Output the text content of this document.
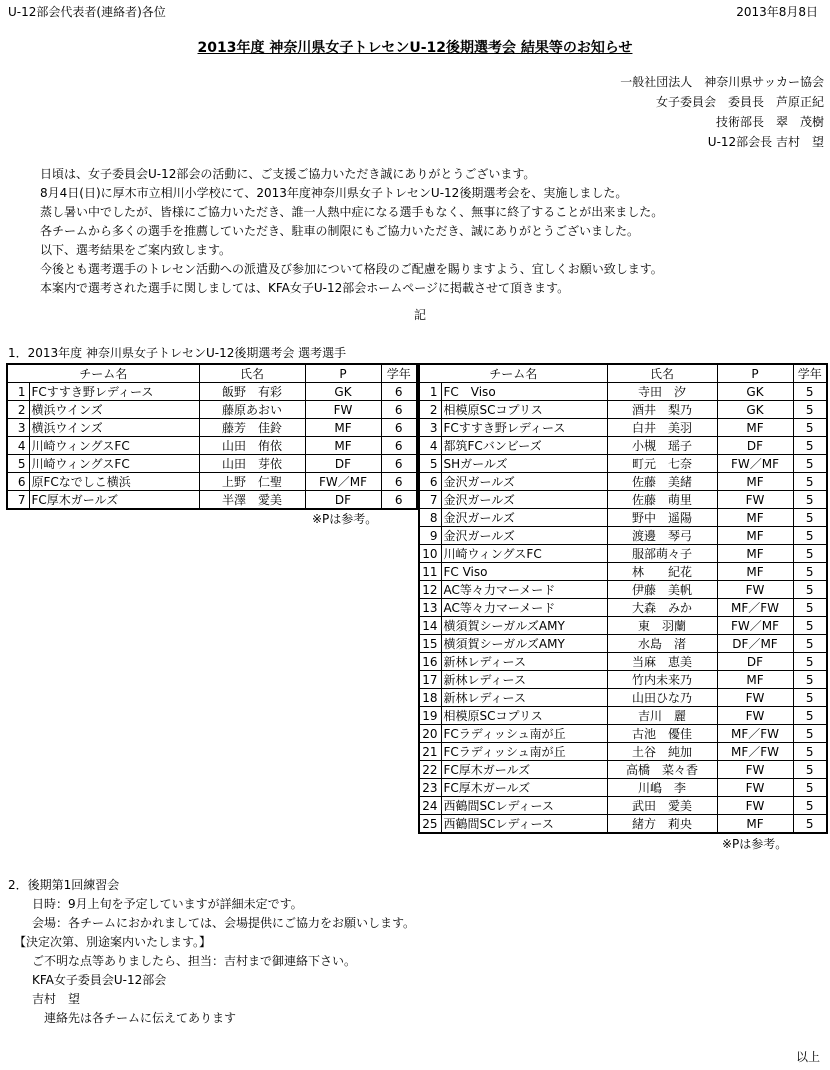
U-12部会代表者(連絡者)各位	2013年8月8日
2013年度 神奈川県女子トレセンU-12後期選考会 結果等のお知らせ
一般社団法人　神奈川県サッカー協会
女子委員会　委員長　芦原正紀
技術部長　翠　茂樹
U-12部会長 吉村　望
日頃は、女子委員会U-12部会の活動に、ご支援ご協力いただき誠にありがとうございます。
8月4日(日)に厚木市立相川小学校にて、2013年度神奈川県女子トレセンU-12後期選考会を、実施しました。
蒸し暑い中でしたが、皆様にご協力いただき、誰一人熱中症になる選手もなく、無事に終了することが出来ました。
各チームから多くの選手を推薦していただき、駐車の制限にもご協力いただき、誠にありがとうございました。
以下、選考結果をご案内致します。
今後とも選考選手のトレセン活動への派遣及び参加について格段のご配慮を賜りますよう、宜しくお願い致します。
本案内で選考された選手に関しましては、KFA女子U-12部会ホームページに掲載させて頂きます。
記
1．2013年度 神奈川県女子トレセンU-12後期選考会 選考選手
チーム名		氏名	P	学年
1	FCすすき野レディース	飯野　有彩	GK	6
2	横浜ウインズ	藤原あおい	FW	6
3	横浜ウインズ	藤芳　佳鈴	MF	6
4	川崎ウィングスFC	山田　侑依	MF	6
5	川崎ウィングスFC	山田　芽依	DF	6
6	原FCなでしこ横浜	上野　仁聖	FW／MF	6
7	FC厚木ガールズ	半澤　愛美	DF	6
※Pは参考。
チーム名		氏名	P	学年
1	FC　Viso	寺田　汐	GK	5
2	相模原SCコプリス	酒井　梨乃	GK	5
3	FCすすき野レディース	白井　美羽	MF	5
4	都筑FCバンビーズ	小槻　瑶子	DF	5
5	SHガールズ	町元　七奈	FW／MF	5
6	金沢ガールズ	佐藤　美緒	MF	5
7	金沢ガールズ	佐藤　萌里	FW	5
8	金沢ガールズ	野中　遥陽	MF	5
9	金沢ガールズ	渡邊　琴弓	MF	5
10	川崎ウィングスFC	服部萌々子	MF	5
11	FC Viso	林　　紀花	MF	5
12	AC等々力マーメード	伊藤　美帆	FW	5
13	AC等々力マーメード	大森　みか	MF／FW	5
14	横須賀シーガルズAMY	東　羽蘭	FW／MF	5
15	横須賀シーガルズAMY	水島　渚	DF／MF	5
16	新林レディース	当麻　恵美	DF	5
17	新林レディース	竹内未来乃	MF	5
18	新林レディース	山田ひな乃	FW	5
19	相模原SCコプリス	吉川　麗	FW	5
20	FCラディッシュ南が丘	古池　優佳	MF／FW	5
21	FCラディッシュ南が丘	土谷　純加	MF／FW	5
22	FC厚木ガールズ	高橋　菜々香	FW	5
23	FC厚木ガールズ	川嶋　李	FW	5
24	西鶴間SCレディース	武田　愛美	FW	5
25	西鶴間SCレディース	緒方　莉央	MF	5
※Pは参考。
2．後期第1回練習会
　　日時：9月上旬を予定していますが詳細未定です。
　　会場：各チームにおかれましては、会場提供にご協力をお願いします。
　【決定次第、別途案内いたします。】
　　ご不明な点等ありましたら、担当：吉村まで御連絡下さい。
　　KFA女子委員会U-12部会
　　吉村　望
　　　連絡先は各チームに伝えてあります
以上
